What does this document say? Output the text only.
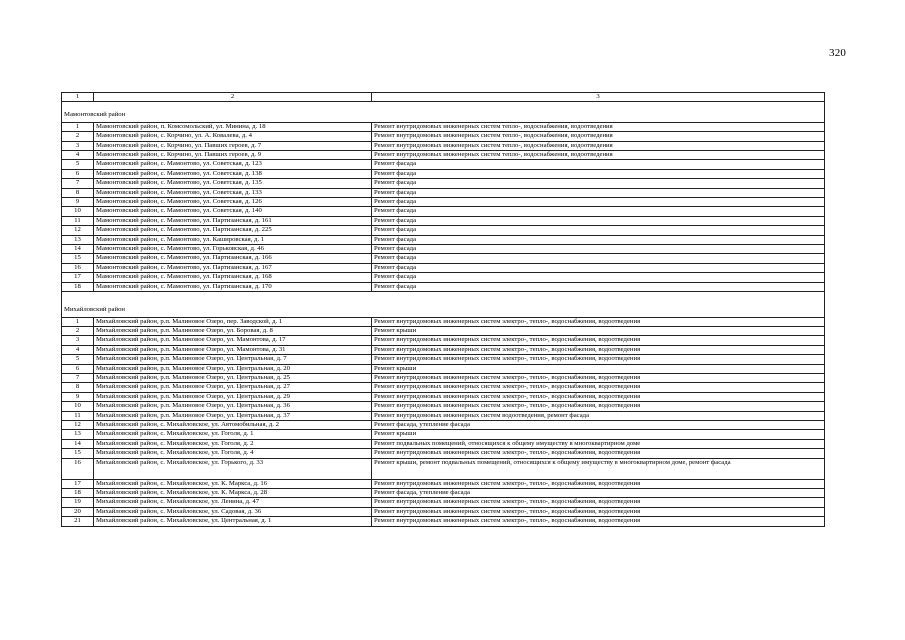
320
1	2	3

Мамонтовский район		
1	Мамонтовский район, п. Комсомольский, ул. Минина, д. 18	Ремонт внутридомовых инженерных систем тепло-, водоснабжения, водоотведения
2	Мамонтовский район, с. Корчино, ул. А. Ковалева, д. 4	Ремонт внутридомовых инженерных систем тепло-, водоснабжения, водоотведения
3	Мамонтовский район, с. Корчино, ул. Павших героев, д. 7	Ремонт внутридомовых инженерных систем тепло-, водоснабжения, водоотведения
4	Мамонтовский район, с. Корчино, ул. Павших героев, д. 9	Ремонт внутридомовых инженерных систем тепло-, водоснабжения, водоотведения
5	Мамонтовский район, с. Мамонтово, ул. Советская, д. 123	Ремонт фасада
6	Мамонтовский район, с. Мамонтово, ул. Советская, д. 138	Ремонт фасада
7	Мамонтовский район, с. Мамонтово, ул. Советская, д. 135	Ремонт фасада
8	Мамонтовский район, с. Мамонтово, ул. Советская, д. 133	Ремонт фасада
9	Мамонтовский район, с. Мамонтово, ул. Советская, д. 126	Ремонт фасада
10	Мамонтовский район, с. Мамонтово, ул. Советская, д. 140	Ремонт фасада
11	Мамонтовский район, с. Мамонтово, ул. Партизанская, д. 161	Ремонт фасада
12	Мамонтовский район, с. Мамонтово, ул. Партизанская, д. 225	Ремонт фасада
13	Мамонтовский район, с. Мамонтово, ул. Кашировская, д. 1	Ремонт фасада
14	Мамонтовский район, с. Мамонтово, ул. Горьковская, д. 46	Ремонт фасада
15	Мамонтовский район, с. Мамонтово, ул. Партизанская, д. 166	Ремонт фасада
16	Мамонтовский район, с. Мамонтово, ул. Партизанская, д. 167	Ремонт фасада
17	Мамонтовский район, с. Мамонтово, ул. Партизанская, д. 168	Ремонт фасада
18	Мамонтовский район, с. Мамонтово, ул. Партизанская, д. 170	Ремонт фасада

Михайловский район		
1	Михайловский район, р.п. Малиновое Озеро, пер. Заводской, д. 1	Ремонт внутридомовых инженерных систем электро-, тепло-, водоснабжения, водоотведения
2	Михайловский район, р.п. Малиновое Озеро, ул. Боровая, д. 8	Ремонт крыши
3	Михайловский район, р.п. Малиновое Озеро, ул. Мамонтова, д. 17	Ремонт внутридомовых инженерных систем электро-, тепло-, водоснабжения, водоотведения
4	Михайловский район, р.п. Малиновое Озеро, ул. Мамонтова, д. 31	Ремонт внутридомовых инженерных систем электро-, тепло-, водоснабжения, водоотведения
5	Михайловский район, р.п. Малиновое Озеро, ул. Центральная, д. 7	Ремонт внутридомовых инженерных систем электро-, тепло-, водоснабжения, водоотведения
6	Михайловский район, р.п. Малиновое Озеро, ул. Центральная, д. 20	Ремонт крыши
7	Михайловский район, р.п. Малиновое Озеро, ул. Центральная, д. 25	Ремонт внутридомовых инженерных систем электро-, тепло-, водоснабжения, водоотведения
8	Михайловский район, р.п. Малиновое Озеро, ул. Центральная, д. 27	Ремонт внутридомовых инженерных систем электро-, тепло-, водоснабжения, водоотведения
9	Михайловский район, р.п. Малиновое Озеро, ул. Центральная, д. 29	Ремонт внутридомовых инженерных систем электро-, тепло-, водоснабжения, водоотведения
10	Михайловский район, р.п. Малиновое Озеро, ул. Центральная, д. 36	Ремонт внутридомовых инженерных систем электро-, тепло-, водоснабжения, водоотведения
11	Михайловский район, р.п. Малиновое Озеро, ул. Центральная, д. 37	Ремонт внутридомовых инженерных систем водоотведения, ремонт фасада
12	Михайловский район, с. Михайловское, ул. Автомобильная, д. 2	Ремонт фасада, утепление фасада
13	Михайловский район, с. Михайловское, ул. Гоголя, д. 1	Ремонт крыши
14	Михайловский район, с. Михайловское, ул. Гоголя, д. 2	Ремонт подвальных помещений, относящихся к общему имуществу в многоквартирном доме
15	Михайловский район, с. Михайловское, ул. Гоголя, д. 4	Ремонт внутридомовых инженерных систем электро-, тепло-, водоснабжения, водоотведения
16	Михайловский район, с. Михайловское, ул. Горького, д. 33	Ремонт крыши, ремонт подвальных помещений, относящихся к общему имуществу в многоквартирном доме, ремонт фасада
17	Михайловский район, с. Михайловское, ул. К. Маркса, д. 16	Ремонт внутридомовых инженерных систем электро-, тепло-, водоснабжения, водоотведения
18	Михайловский район, с. Михайловское, ул. К. Маркса, д. 28	Ремонт фасада, утепление фасада
19	Михайловский район, с. Михайловское, ул. Ленина, д. 47	Ремонт внутридомовых инженерных систем электро-, тепло-, водоснабжения, водоотведения
20	Михайловский район, с. Михайловское, ул. Садовая, д. 36	Ремонт внутридомовых инженерных систем электро-, тепло-, водоснабжения, водоотведения
21	Михайловский район, с. Михайловское, ул. Центральная, д. 1	Ремонт внутридомовых инженерных систем электро-, тепло-, водоснабжения, водоотведения
